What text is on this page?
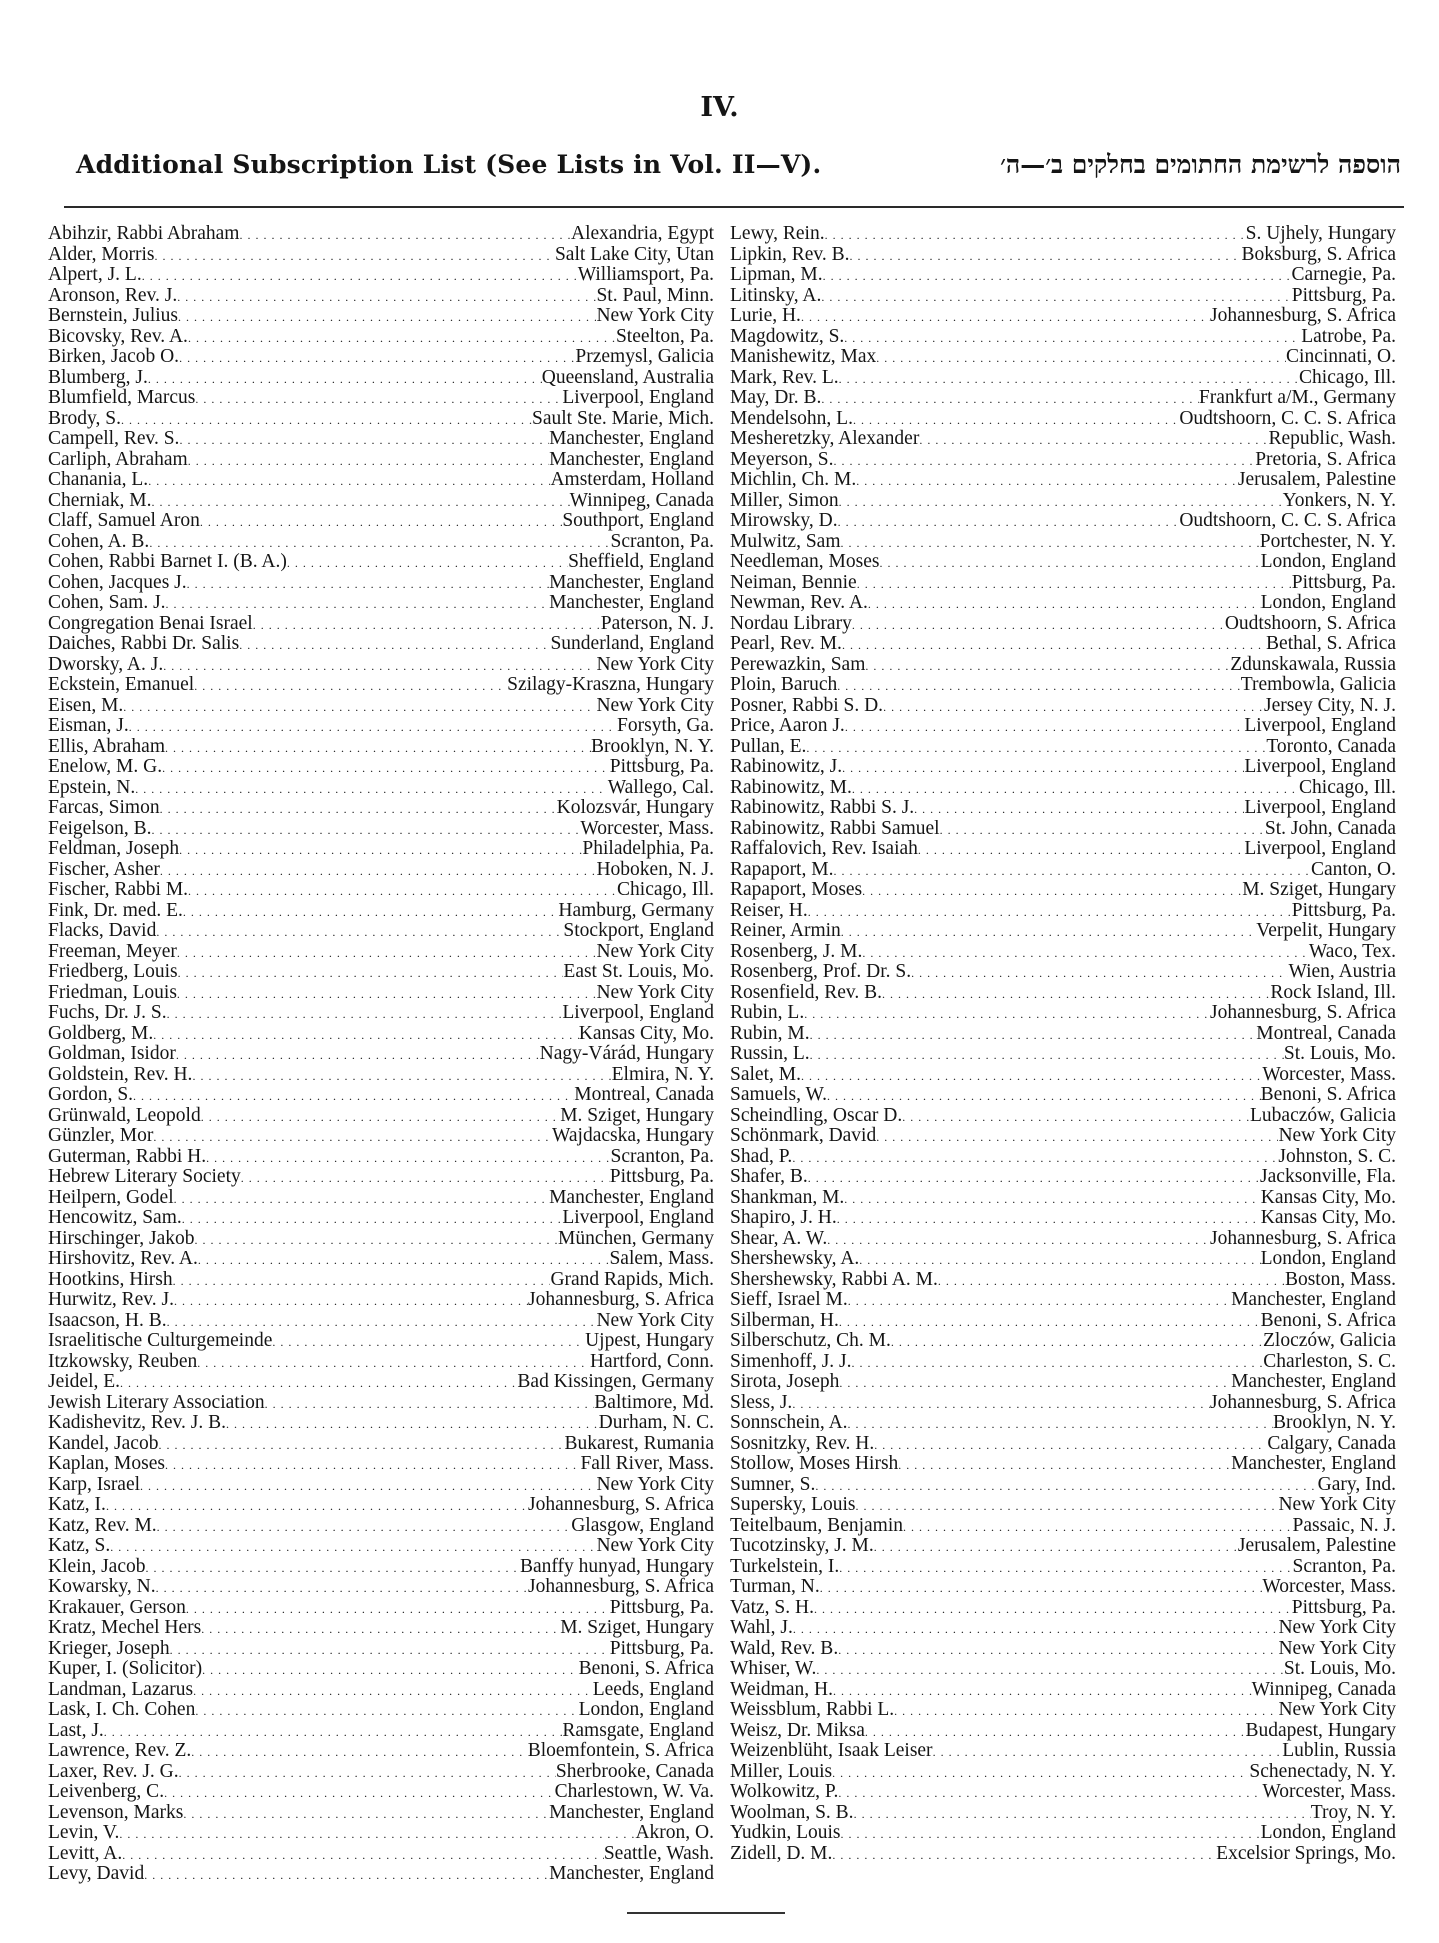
IV.
Additional Subscription List (See Lists in Vol. II—V).	הוספה לרשימת החתומים בחלקים ב׳—ה׳
Abihzir, Rabbi Abraham . . .	Alexandria, Egypt
Alder, Morris . . .	Salt Lake City, Utan
Alpert, J. L. . . .	Williamsport, Pa.
Aronson, Rev. J. . . .	St. Paul, Minn.
Bernstein, Julius . . .	New York City
Bicovsky, Rev. A. . . .	Steelton, Pa.
Birken, Jacob O. . . .	Przemysl, Galicia
Blumberg, J. . . .	Queensland, Australia
Blumfield, Marcus . . .	Liverpool, England
Brody, S. . . .	Sault Ste. Marie, Mich.
Campell, Rev. S. . . .	Manchester, England
Carliph, Abraham . . .	Manchester, England
Chanania, L. . . .	Amsterdam, Holland
Cherniak, M. . . .	Winnipeg, Canada
Claff, Samuel Aron . . .	Southport, England
Cohen, A. B. . . .	Scranton, Pa.
Cohen, Rabbi Barnet I. (B. A.) . . .	Sheffield, England
Cohen, Jacques J. . . .	Manchester, England
Cohen, Sam. J. . . .	Manchester, England
Congregation Benai Israel . . .	Paterson, N. J.
Daiches, Rabbi Dr. Salis . . .	Sunderland, England
Dworsky, A. J. . . .	New York City
Eckstein, Emanuel . . .	Szilagy-Kraszna, Hungary
Eisen, M. . . .	New York City
Eisman, J. . . .	Forsyth, Ga.
Ellis, Abraham . . .	Brooklyn, N. Y.
Enelow, M. G. . . .	Pittsburg, Pa.
Epstein, N. . . .	Wallego, Cal.
Farcas, Simon . . .	Kolozsvár, Hungary
Feigelson, B. . . .	Worcester, Mass.
Feldman, Joseph . . .	Philadelphia, Pa.
Fischer, Asher . . .	Hoboken, N. J.
Fischer, Rabbi M. . . .	Chicago, Ill.
Fink, Dr. med. E. . . .	Hamburg, Germany
Flacks, David . . .	Stockport, England
Freeman, Meyer . . .	New York City
Friedberg, Louis . . .	East St. Louis, Mo.
Friedman, Louis . . .	New York City
Fuchs, Dr. J. S. . . .	Liverpool, England
Goldberg, M. . . .	Kansas City, Mo.
Goldman, Isidor . . .	Nagy-Várád, Hungary
Goldstein, Rev. H. . . .	Elmira, N. Y.
Gordon, S. . . .	Montreal, Canada
Grünwald, Leopold . . .	M. Sziget, Hungary
Günzler, Mor . . .	Wajdacska, Hungary
Guterman, Rabbi H. . . .	Scranton, Pa.
Hebrew Literary Society . . .	Pittsburg, Pa.
Heilpern, Godel . . .	Manchester, England
Hencowitz, Sam. . . .	Liverpool, England
Hirschinger, Jakob . . .	München, Germany
Hirshovitz, Rev. A. . . .	Salem, Mass.
Hootkins, Hirsh . . .	Grand Rapids, Mich.
Hurwitz, Rev. J. . . .	Johannesburg, S. Africa
Isaacson, H. B. . . .	New York City
Israelitische Culturgemeinde . . .	Ujpest, Hungary
Itzkowsky, Reuben . . .	Hartford, Conn.
Jeidel, E. . . .	Bad Kissingen, Germany
Jewish Literary Association . . .	Baltimore, Md.
Kadishevitz, Rev. J. B. . . .	Durham, N. C.
Kandel, Jacob . . .	Bukarest, Rumania
Kaplan, Moses . . .	Fall River, Mass.
Karp, Israel . . .	New York City
Katz, I. . . .	Johannesburg, S. Africa
Katz, Rev. M. . . .	Glasgow, England
Katz, S. . . .	New York City
Klein, Jacob . . .	Banffy hunyad, Hungary
Kowarsky, N. . . .	Johannesburg, S. Africa
Krakauer, Gerson . . .	Pittsburg, Pa.
Kratz, Mechel Hers . . .	M. Sziget, Hungary
Krieger, Joseph . . .	Pittsburg, Pa.
Kuper, I. (Solicitor) . . .	Benoni, S. Africa
Landman, Lazarus . . .	Leeds, England
Lask, I. Ch. Cohen . . .	London, England
Last, J. . . .	Ramsgate, England
Lawrence, Rev. Z. . . .	Bloemfontein, S. Africa
Laxer, Rev. J. G. . . .	Sherbrooke, Canada
Leivenberg, C. . . .	Charlestown, W. Va.
Levenson, Marks . . .	Manchester, England
Levin, V. . . .	Akron, O.
Levitt, A. . . .	Seattle, Wash.
Levy, David . . .	Manchester, England
Lewy, Rein. . . .	S. Ujhely, Hungary
Lipkin, Rev. B. . . .	Boksburg, S. Africa
Lipman, M. . . .	Carnegie, Pa.
Litinsky, A. . . .	Pittsburg, Pa.
Lurie, H. . . .	Johannesburg, S. Africa
Magdowitz, S. . . .	Latrobe, Pa.
Manishewitz, Max . . .	Cincinnati, O.
Mark, Rev. L. . . .	Chicago, Ill.
May, Dr. B. . . .	Frankfurt a/M., Germany
Mendelsohn, L. . . .	Oudtshoorn, C. C. S. Africa
Mesheretzky, Alexander . . .	Republic, Wash.
Meyerson, S. . . .	Pretoria, S. Africa
Michlin, Ch. M. . . .	Jerusalem, Palestine
Miller, Simon . . .	Yonkers, N. Y.
Mirowsky, D. . . .	Oudtshoorn, C. C. S. Africa
Mulwitz, Sam . . .	Portchester, N. Y.
Needleman, Moses . . .	London, England
Neiman, Bennie . . .	Pittsburg, Pa.
Newman, Rev. A. . . .	London, England
Nordau Library . . .	Oudtshoorn, S. Africa
Pearl, Rev. M. . . .	Bethal, S. Africa
Perewazkin, Sam . . .	Zdunskawala, Russia
Ploin, Baruch . . .	Trembowla, Galicia
Posner, Rabbi S. D. . . .	Jersey City, N. J.
Price, Aaron J. . . .	Liverpool, England
Pullan, E. . . .	Toronto, Canada
Rabinowitz, J. . . .	Liverpool, England
Rabinowitz, M. . . .	Chicago, Ill.
Rabinowitz, Rabbi S. J. . . .	Liverpool, England
Rabinowitz, Rabbi Samuel . . .	St. John, Canada
Raffalovich, Rev. Isaiah . . .	Liverpool, England
Rapaport, M. . . .	Canton, O.
Rapaport, Moses . . .	M. Sziget, Hungary
Reiser, H. . . .	Pittsburg, Pa.
Reiner, Armin . . .	Verpelit, Hungary
Rosenberg, J. M. . . .	Waco, Tex.
Rosenberg, Prof. Dr. S. . . .	Wien, Austria
Rosenfield, Rev. B. . . .	Rock Island, Ill.
Rubin, L. . . .	Johannesburg, S. Africa
Rubin, M. . . .	Montreal, Canada
Russin, L. . . .	St. Louis, Mo.
Salet, M. . . .	Worcester, Mass.
Samuels, W. . . .	Benoni, S. Africa
Scheindling, Oscar D. . . .	Lubaczów, Galicia
Schönmark, David . . .	New York City
Shad, P. . . .	Johnston, S. C.
Shafer, B. . . .	Jacksonville, Fla.
Shankman, M. . . .	Kansas City, Mo.
Shapiro, J. H. . . .	Kansas City, Mo.
Shear, A. W. . . .	Johannesburg, S. Africa
Shershewsky, A. . . .	London, England
Shershewsky, Rabbi A. M. . . .	Boston, Mass.
Sieff, Israel M. . . .	Manchester, England
Silberman, H. . . .	Benoni, S. Africa
Silberschutz, Ch. M. . . .	Zloczów, Galicia
Simenhoff, J. J. . . .	Charleston, S. C.
Sirota, Joseph . . .	Manchester, England
Sless, J. . . .	Johannesburg, S. Africa
Sonnschein, A. . . .	Brooklyn, N. Y.
Sosnitzky, Rev. H. . . .	Calgary, Canada
Stollow, Moses Hirsh . . .	Manchester, England
Sumner, S. . . .	Gary, Ind.
Supersky, Louis . . .	New York City
Teitelbaum, Benjamin . . .	Passaic, N. J.
Tucotzinsky, J. M. . . .	Jerusalem, Palestine
Turkelstein, I. . . .	Scranton, Pa.
Turman, N. . . .	Worcester, Mass.
Vatz, S. H. . . .	Pittsburg, Pa.
Wahl, J. . . .	New York City
Wald, Rev. B. . . .	New York City
Whiser, W. . . .	St. Louis, Mo.
Weidman, H. . . .	Winnipeg, Canada
Weissblum, Rabbi L. . . .	New York City
Weisz, Dr. Miksa . . .	Budapest, Hungary
Weizenblüht, Isaak Leiser . . .	Lublin, Russia
Miller, Louis . . .	Schenectady, N. Y.
Wolkowitz, P. . . .	Worcester, Mass.
Woolman, S. B. . . .	Troy, N. Y.
Yudkin, Louis . . .	London, England
Zidell, D. M. . . .	Excelsior Springs, Mo.
